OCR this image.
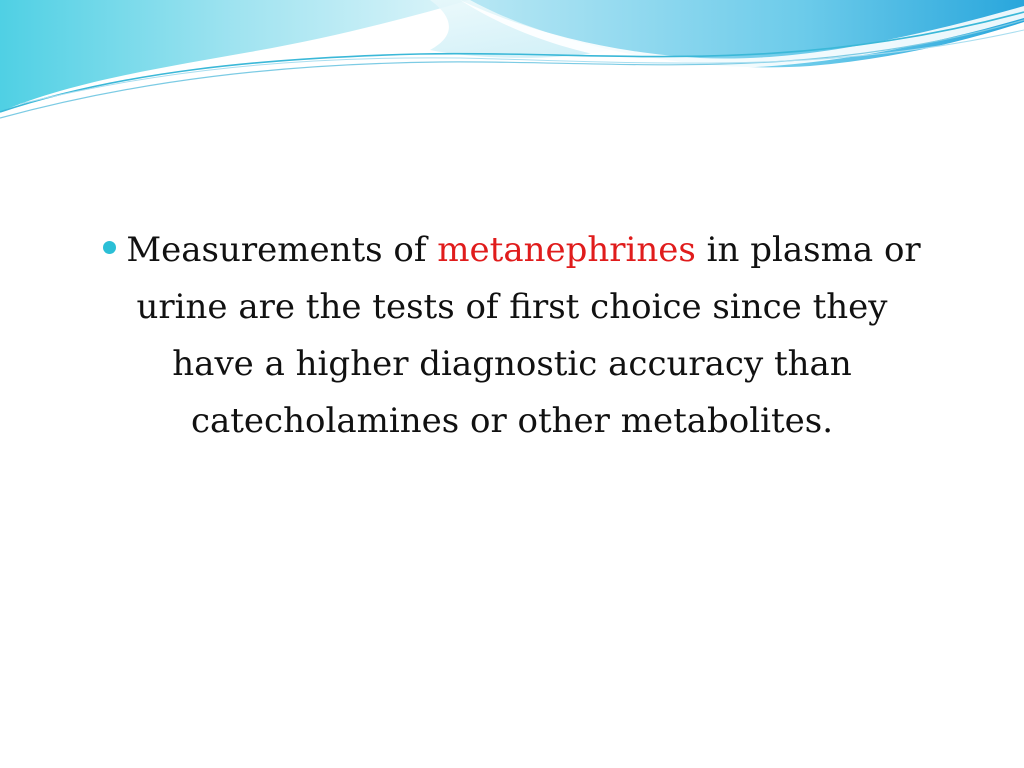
Measurements of metanephrines in plasma or urine are the tests of first choice since they have a higher diagnostic accuracy than catecholamines or other metabolites.
